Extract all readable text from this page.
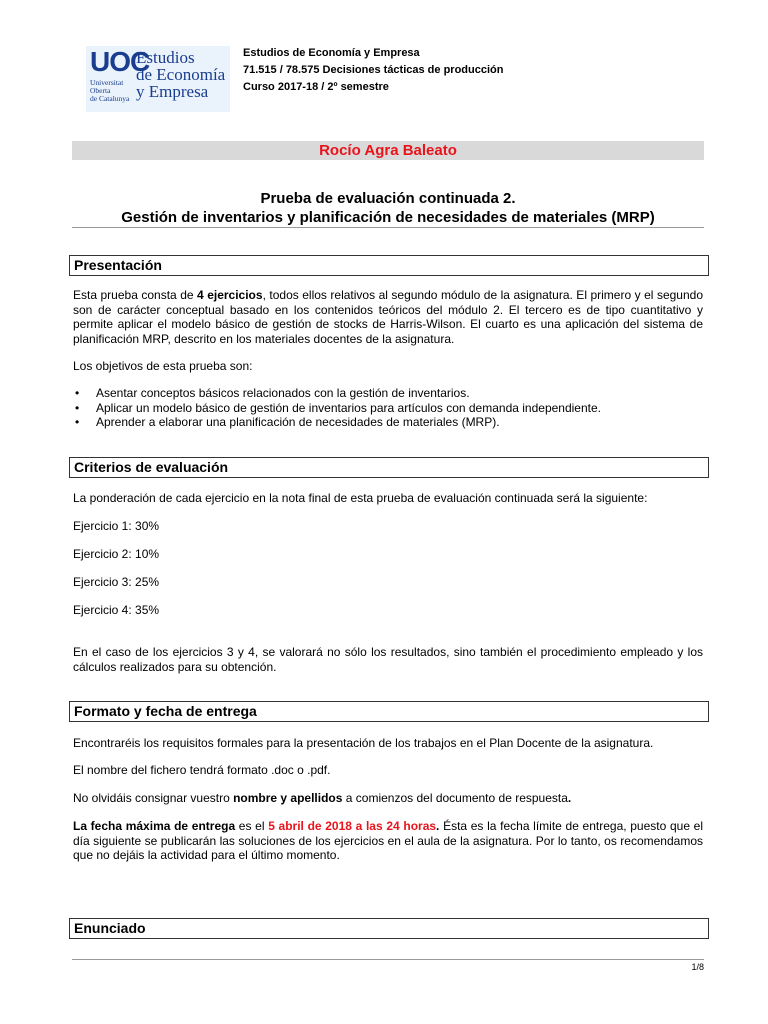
UOC
Universitat
Oberta
de Catalunya
Estudios
de Economía
y Empresa
Estudios de Economía y Empresa
71.515 / 78.575 Decisiones tácticas de producción
Curso 2017-18 / 2º semestre
Rocío Agra Baleato
Prueba de evaluación continuada 2.
Gestión de inventarios y planificación de necesidades de materiales (MRP)
Presentación
Esta prueba consta de 4 ejercicios, todos ellos relativos al segundo módulo de la asignatura. El primero y el segundo son de carácter conceptual basado en los contenidos teóricos del módulo 2. El tercero es de tipo cuantitativo y permite aplicar el modelo básico de gestión de stocks de Harris-Wilson. El cuarto es una aplicación del sistema de planificación MRP, descrito en los materiales docentes de la asignatura.
Los objetivos de esta prueba son:
• Asentar conceptos básicos relacionados con la gestión de inventarios.
• Aplicar un modelo básico de gestión de inventarios para artículos con demanda independiente.
• Aprender a elaborar una planificación de necesidades de materiales (MRP).
Criterios de evaluación
La ponderación de cada ejercicio en la nota final de esta prueba de evaluación continuada será la siguiente:
Ejercicio 1: 30%
Ejercicio 2: 10%
Ejercicio 3: 25%
Ejercicio 4: 35%
En el caso de los ejercicios 3 y 4, se valorará no sólo los resultados, sino también el procedimiento empleado y los cálculos realizados para su obtención.
Formato y fecha de entrega
Encontraréis los requisitos formales para la presentación de los trabajos en el Plan Docente de la asignatura.
El nombre del fichero tendrá formato .doc o .pdf.
No olvidáis consignar vuestro nombre y apellidos a comienzos del documento de respuesta.
La fecha máxima de entrega es el 5 abril de 2018 a las 24 horas. Ésta es la fecha límite de entrega, puesto que el día siguiente se publicarán las soluciones de los ejercicios en el aula de la asignatura. Por lo tanto, os recomendamos que no dejáis la actividad para el último momento.
Enunciado
1/8
